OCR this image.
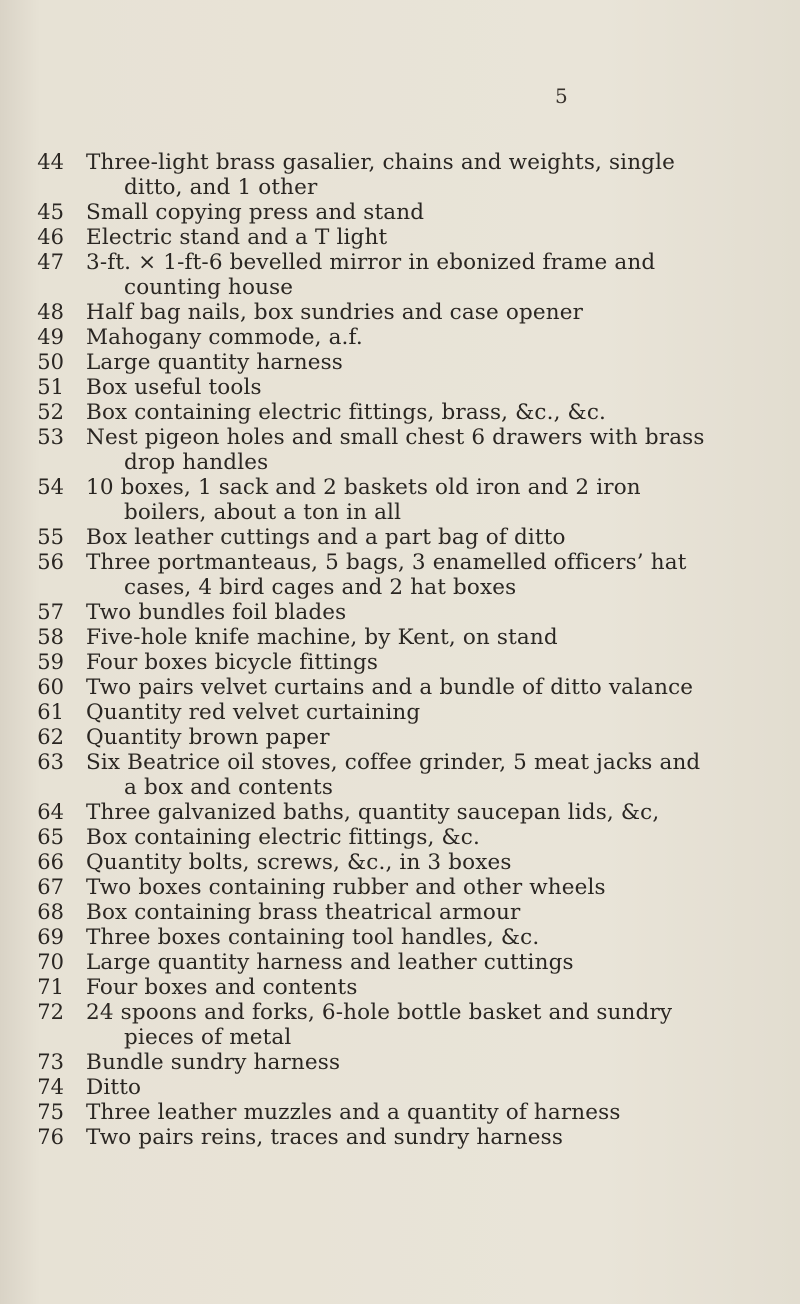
5
44	Three-light brass gasalier, chains and weights, single
ditto, and 1 other
45	Small copying press and stand
46	Electric stand and a T light
47	3-ft. × 1-ft-6 bevelled mirror in ebonized frame and
counting house
48	Half bag nails, box sundries and case opener
49	Mahogany commode, a.f.
50	Large quantity harness
51	Box useful tools
52	Box containing electric fittings, brass, &c., &c.
53	Nest pigeon holes and small chest 6 drawers with brass
drop handles
54	10 boxes, 1 sack and 2 baskets old iron and 2 iron
boilers, about a ton in all
55	Box leather cuttings and a part bag of ditto
56	Three portmanteaus, 5 bags, 3 enamelled officers’ hat
cases, 4 bird cages and 2 hat boxes
57	Two bundles foil blades
58	Five-hole knife machine, by Kent, on stand
59	Four boxes bicycle fittings
60	Two pairs velvet curtains and a bundle of ditto valance
61	Quantity red velvet curtaining
62	Quantity brown paper
63	Six Beatrice oil stoves, coffee grinder, 5 meat jacks and
a box and contents
64	Three galvanized baths, quantity saucepan lids, &c,
65	Box containing electric fittings, &c.
66	Quantity bolts, screws, &c., in 3 boxes
67	Two boxes containing rubber and other wheels
68	Box containing brass theatrical armour
69	Three boxes containing tool handles, &c.
70	Large quantity harness and leather cuttings
71	Four boxes and contents
72	24 spoons and forks, 6-hole bottle basket and sundry
pieces of metal
73	Bundle sundry harness
74	Ditto
75	Three leather muzzles and a quantity of harness
76	Two pairs reins, traces and sundry harness
